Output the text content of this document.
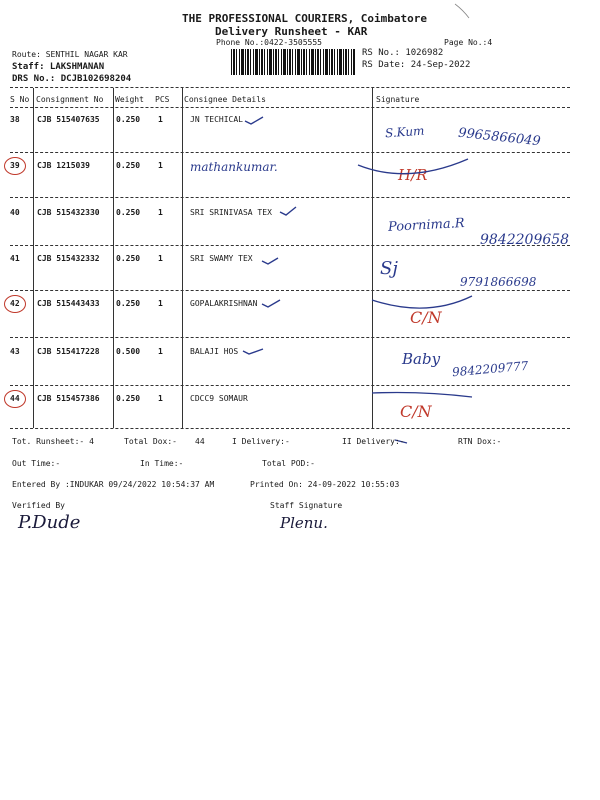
THE PROFESSIONAL COURIERS, Coimbatore
Delivery Runsheet - KAR
Phone No.:0422-3505555	Page No.:4
Route: SENTHIL NAGAR KAR
Staff: LAKSHMANAN
DRS No.: DCJB102698204
RS No.: 1026982
RS Date: 24-Sep-2022
S No Consignment No Weight PCS Consignee Details	Signature
38 CJB 515407635 0.250 1	JN TECHICAL
S.Kum	9965866049
39 CJB 1215039	0.250 1 mathankumar.	H/R
40 CJB 515432330 0.250 1	SRI SRINIVASA TEX
Poornima.R
9842209658
41 CJB 515432332 0.250 1	SRI SWAMY TEX	Sj
9791866698
42 CJB 515443433 0.250 1	GOPALAKRISHNAN
C/N
43 CJB 515417228 0.500 1	BALAJI HOS	Baby 9842209777
44 CJB 515457386 0.250 1	CDCC9 SOMAUR
C/N
Tot. Runsheet:- 4	Total Dox:- 44	I Delivery:-	II Delivery:-	RTN Dox:-
Out Time:-	In Time:-	Total POD:-
Entered By :INDUKAR 09/24/2022 10:54:37 AM	Printed On: 24-09-2022 10:55:03
Verified By	Staff Signature
P.Dude	Plenu.
